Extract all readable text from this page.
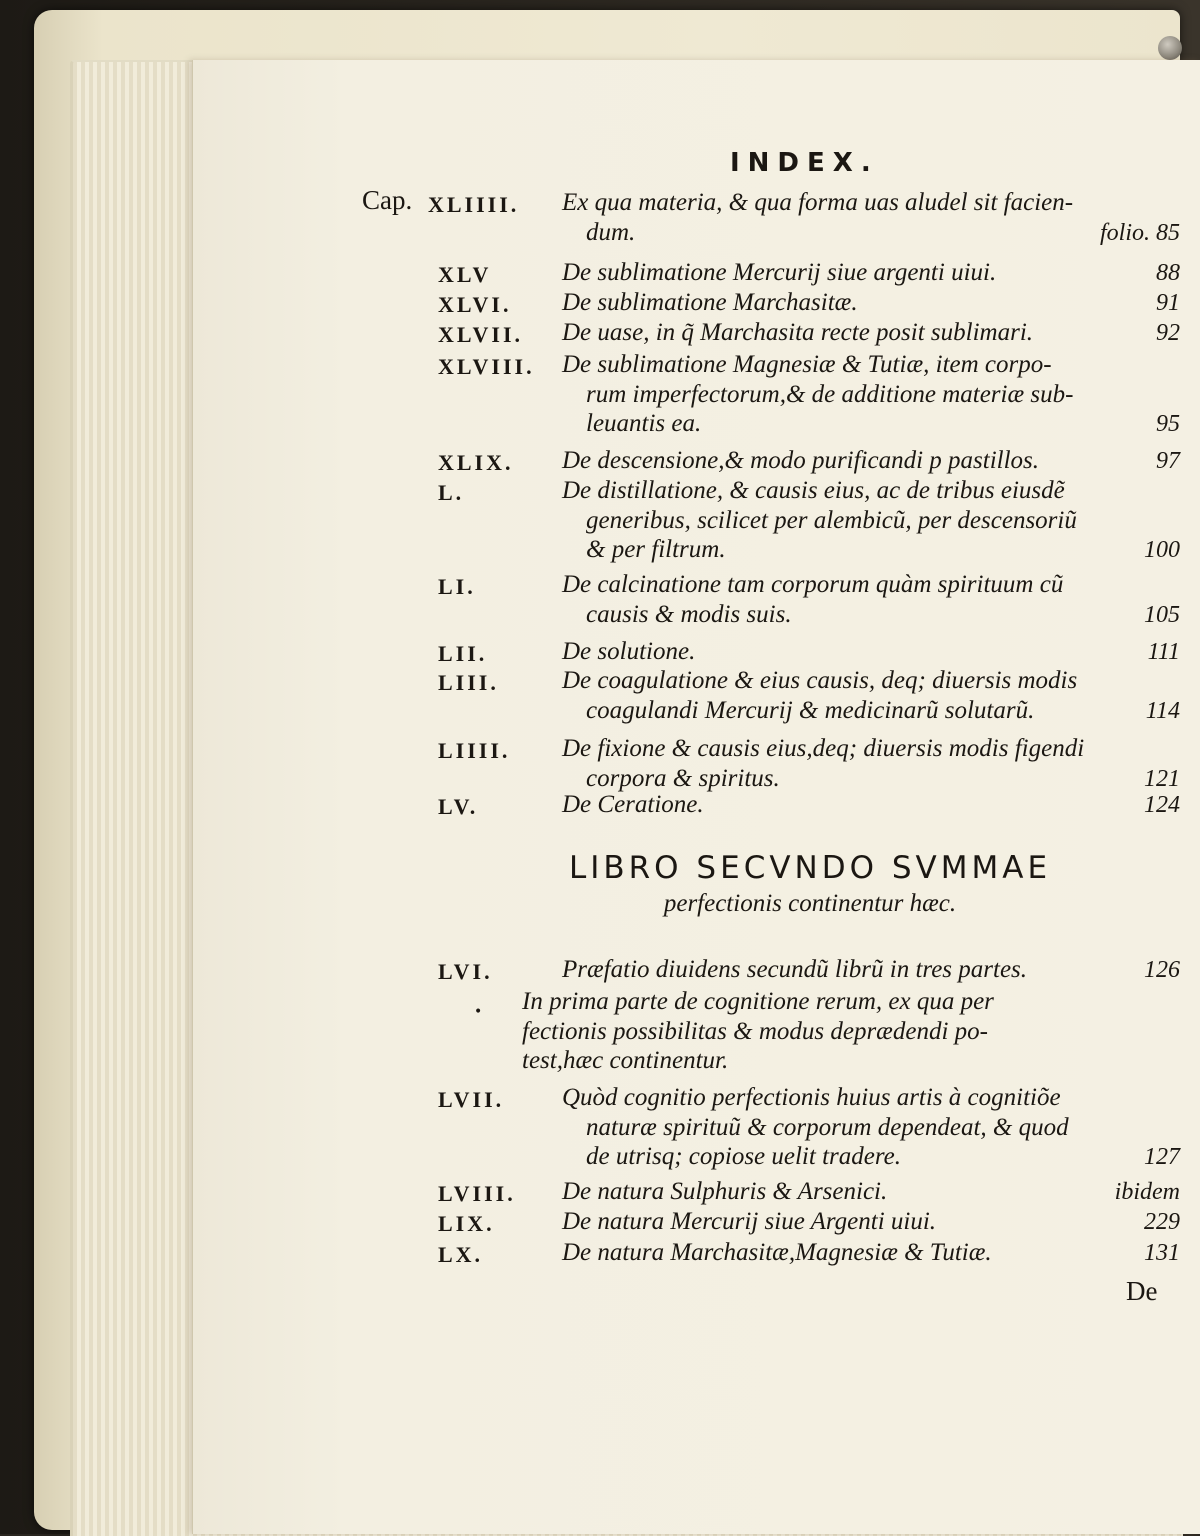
INDEX.
Cap. XLIIII. Ex qua materia, & qua forma uas aludel sit facien-
dum.	folio. 85
XLV	De sublimatione Mercurij siue argenti uiui.	88
XLVI. De sublimatione Marchasitæ.	91
XLVII. De uase, in q̃ Marchasita recte posit sublimari.	92
XLVIII. De sublimatione Magnesiæ & Tutiæ, item corpo-
rum imperfectorum,& de additione materiæ sub-
leuantis ea.	95
XLIX. De descensione,& modo purificandi p pastillos.	97
L.	De distillatione, & causis eius, ac de tribus eiusdẽ
generibus, scilicet per alembicũ, per descensoriũ
& per filtrum.	100
LI.	De calcinatione tam corporum quàm spirituum cũ
causis & modis suis.	105
LII.	De solutione.	111
LIII.	De coagulatione & eius causis, deq; diuersis modis
coagulandi Mercurij & medicinarũ solutarũ.	114
LIIII. De fixione & causis eius,deq; diuersis modis figendi
corpora & spiritus.	121
LV.	De Ceratione.	124
LVI.	Præfatio diuidens secundũ librũ in tres partes.	126
In prima parte de cognitione rerum, ex qua per
fectionis possibilitas & modus deprædendi po-
test,hæc continentur.
LVII. Quòd cognitio perfectionis huius artis à cognitiõe
naturæ spirituũ & corporum dependeat, & quod
de utrisq; copiose uelit tradere.	127
LVIII. De natura Sulphuris & Arsenici.	ibidem
LIX.	De natura Mercurij siue Argenti uiui.	229
LX.	De natura Marchasitæ,Magnesiæ & Tutiæ.	131
LIBRO SECVNDO SVMMAE
perfectionis continentur hæc.
•
De
